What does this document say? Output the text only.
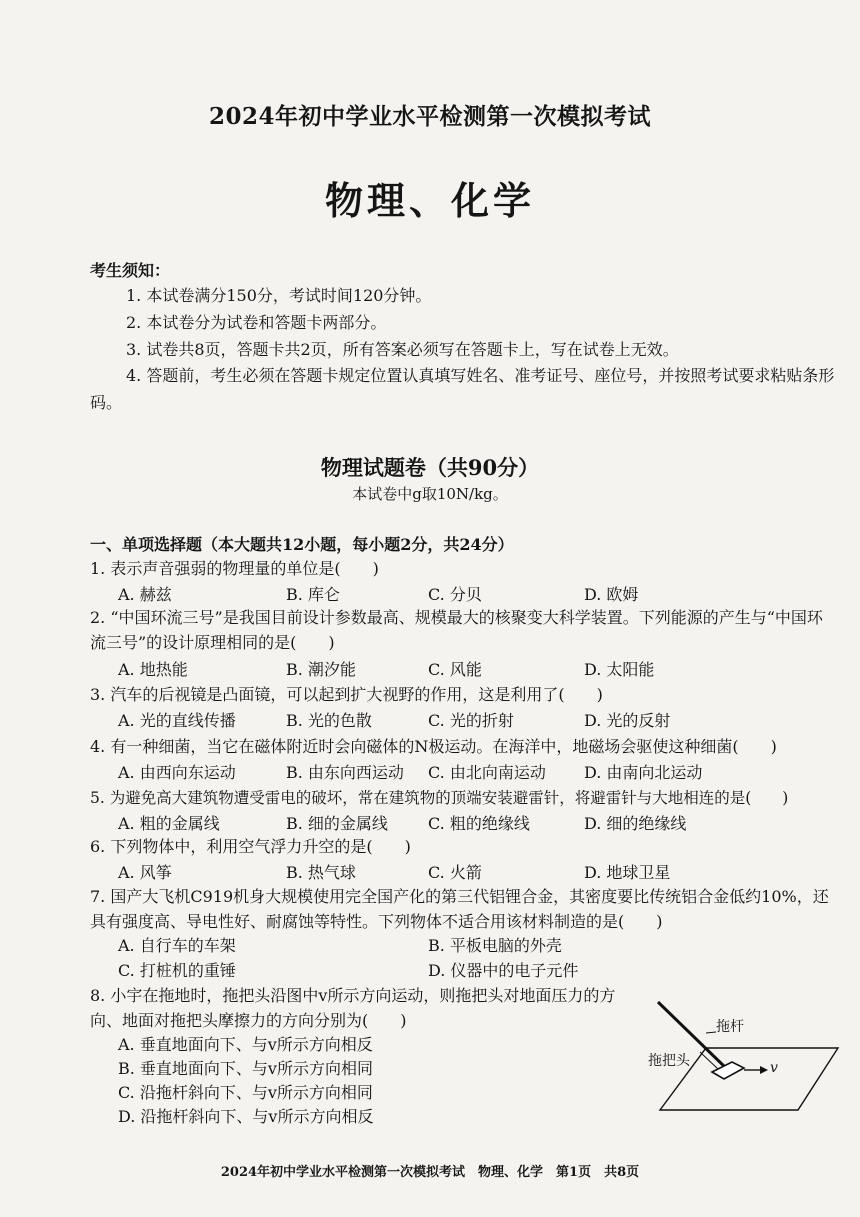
2024年初中学业水平检测第一次模拟考试
物理、化学
考生须知：
1. 本试卷满分150分，考试时间120分钟。
2. 本试卷分为试卷和答题卡两部分。
3. 试卷共8页，答题卡共2页，所有答案必须写在答题卡上，写在试卷上无效。
4. 答题前，考生必须在答题卡规定位置认真填写姓名、准考证号、座位号，并按照考试要求粘贴条形码。
物理试题卷（共90分）
本试卷中g取10N/kg。
一、单项选择题（本大题共12小题，每小题2分，共24分）
1. 表示声音强弱的物理量的单位是(　　)
A. 赫兹	B. 库仑	C. 分贝	D. 欧姆
2. “中国环流三号”是我国目前设计参数最高、规模最大的核聚变大科学装置。下列能源的产生与“中国环流三号”的设计原理相同的是(　　)
A. 地热能	B. 潮汐能	C. 风能	D. 太阳能
3. 汽车的后视镜是凸面镜，可以起到扩大视野的作用，这是利用了(　　)
A. 光的直线传播	B. 光的色散	C. 光的折射	D. 光的反射
4. 有一种细菌，当它在磁体附近时会向磁体的N极运动。在海洋中，地磁场会驱使这种细菌(　　)
A. 由西向东运动	B. 由东向西运动 C. 由北向南运动 D. 由南向北运动
5. 为避免高大建筑物遭受雷电的破坏，常在建筑物的顶端安装避雷针，将避雷针与大地相连的是(　　)
A. 粗的金属线	B. 细的金属线	C. 粗的绝缘线	D. 细的绝缘线
6. 下列物体中，利用空气浮力升空的是(　　)
A. 风筝	B. 热气球	C. 火箭	D. 地球卫星
7. 国产大飞机C919机身大规模使用完全国产化的第三代铝锂合金，其密度要比传统铝合金低约10%，还具有强度高、导电性好、耐腐蚀等特性。下列物体不适合用该材料制造的是(　　)
A. 自行车的车架	B. 平板电脑的外壳
C. 打桩机的重锤	D. 仪器中的电子元件
8. 小宇在拖地时，拖把头沿图中v所示方向运动，则拖把头对地面压力的方向、地面对拖把头摩擦力的方向分别为(　　)
A. 垂直地面向下、与v所示方向相反
B. 垂直地面向下、与v所示方向相同
C. 沿拖杆斜向下、与v所示方向相同
D. 沿拖杆斜向下、与v所示方向相反
拖杆
拖把头	v
2024年初中学业水平检测第一次模拟考试　物理、化学　第1页　共8页
